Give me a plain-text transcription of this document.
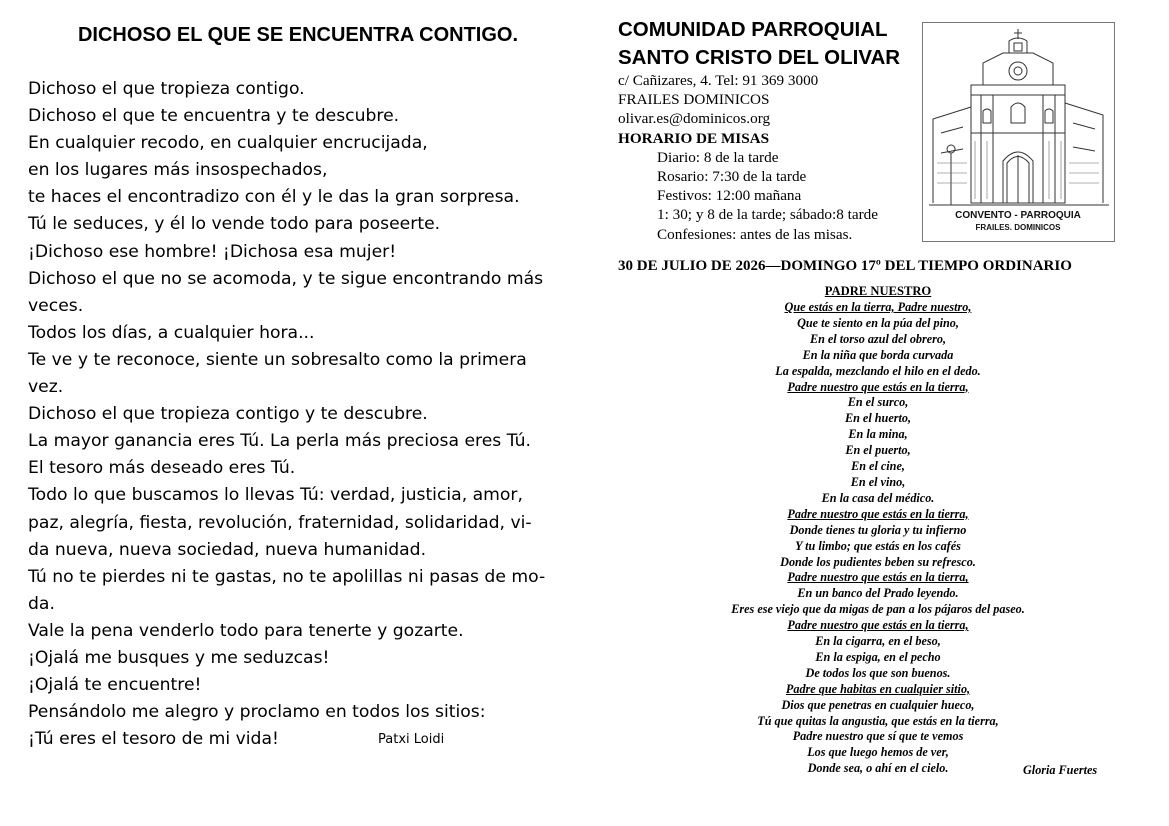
DICHOSO EL QUE SE ENCUENTRA CONTIGO.
Dichoso el que tropieza contigo.
Dichoso el que te encuentra y te descubre.
En cualquier recodo, en cualquier encrucijada,
en los lugares más insospechados,
te haces el encontradizo con él y le das la gran sorpresa.
Tú le seduces, y él lo vende todo para poseerte.
¡Dichoso ese hombre! ¡Dichosa esa mujer!
Dichoso el que no se acomoda, y te sigue encontrando más
veces.
Todos los días, a cualquier hora...
Te ve y te reconoce, siente un sobresalto como la primera
vez.
Dichoso el que tropieza contigo y te descubre.
La mayor ganancia eres Tú. La perla más preciosa eres Tú.
El tesoro más deseado eres Tú.
Todo lo que buscamos lo llevas Tú: verdad, justicia, amor,
paz, alegría, fiesta, revolución, fraternidad, solidaridad, vi-
da nueva, nueva sociedad, nueva humanidad.
Tú no te pierdes ni te gastas, no te apolillas ni pasas de mo-
da.
Vale la pena venderlo todo para tenerte y gozarte.
¡Ojalá me busques y me seduzcas!
¡Ojalá te encuentre!
Pensándolo me alegro y proclamo en todos los sitios:
¡Tú eres el tesoro de mi vida!	Patxi Loidi
COMUNIDAD PARROQUIAL
SANTO CRISTO DEL OLIVAR
c/ Cañizares, 4. Tel: 91 369 3000
FRAILES DOMINICOS
olivar.es@dominicos.org
HORARIO DE MISAS
Diario: 8 de la tarde
Rosario: 7:30 de la tarde
Festivos: 12:00 mañana
1: 30; y 8 de la tarde; sábado:8 tarde
Confesiones: antes de las misas.
CONVENTO - PARROQUIA
FRAILES. DOMINICOS
30 DE JULIO DE 2026—DOMINGO 17º DEL TIEMPO ORDINARIO
PADRE NUESTRO
Que estás en la tierra, Padre nuestro,
Que te siento en la púa del pino,
En el torso azul del obrero,
En la niña que borda curvada
La espalda, mezclando el hilo en el dedo.
Padre nuestro que estás en la tierra,
En el surco,
En el huerto,
En la mina,
En el puerto,
En el cine,
En el vino,
En la casa del médico.
Padre nuestro que estás en la tierra,
Donde tienes tu gloria y tu infierno
Y tu limbo; que estás en los cafés
Donde los pudientes beben su refresco.
Padre nuestro que estás en la tierra,
En un banco del Prado leyendo.
Eres ese viejo que da migas de pan a los pájaros del paseo.
Padre nuestro que estás en la tierra,
En la cigarra, en el beso,
En la espiga, en el pecho
De todos los que son buenos.
Padre que habitas en cualquier sitio,
Dios que penetras en cualquier hueco,
Tú que quitas la angustia, que estás en la tierra,
Padre nuestro que sí que te vemos
Los que luego hemos de ver,
Donde sea, o ahí en el cielo.	Gloria Fuertes
